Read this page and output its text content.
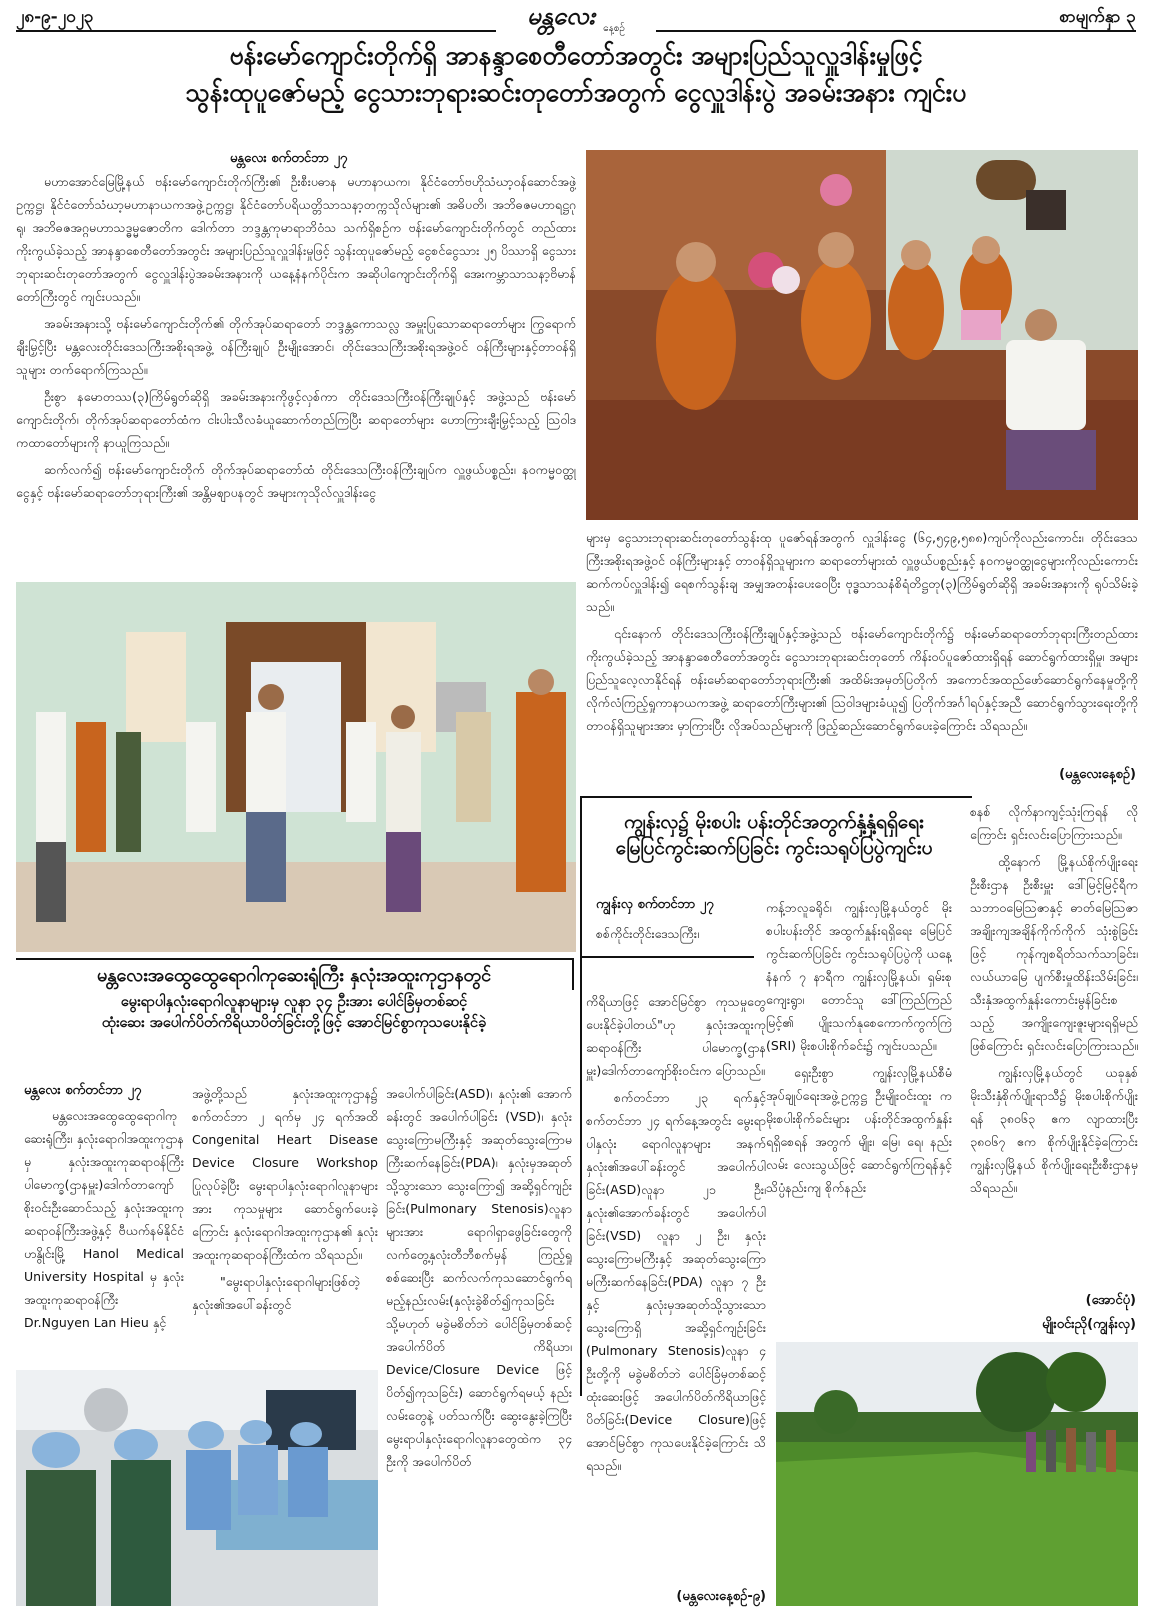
၂၈-၉-၂၀၂၃	မန္တလေး နေ့စဉ်
စာမျက်နှာ ၃
ဗန်းမော်ကျောင်းတိုက်ရှိ အာနန္ဒာစေတီတော်အတွင်း အများပြည်သူလှူဒါန်းမှုဖြင့်
သွန်းထုပူဇော်မည့် ငွေသားဘုရားဆင်းတုတော်အတွက် ငွေလှူဒါန်းပွဲ အခမ်းအနား ကျင်းပ
မန္တလေး စက်တင်ဘာ ၂၇
မဟာအောင်မြေမြို့နယ် ဗန်းမော်ကျောင်းတိုက်ကြီး၏ ဦးစီးပဓာန မဟာနာယက၊ နိုင်ငံတော်ဗဟိုသံဃာ့ဝန်ဆောင်အဖွဲ့ဥက္ကဋ္ဌ၊ နိုင်ငံတော်သံဃာ့မဟာနာယကအဖွဲ့ဥက္ကဋ္ဌ၊ နိုင်ငံတော်ပရိယတ္တိသာသနာ့တက္ကသိုလ်များ၏ အဓိပတိ၊ အဘိဓဇမဟာရဋ္ဌဂုရု၊ အဘိဓဇအဂ္ဂမဟာသဒ္ဓမ္မဇောတိက ဒေါက်တာ ဘဒ္ဒန္တကုမာရာဘိဝံသ သက်ရှိစဉ်က ဗန်းမော်ကျောင်းတိုက်တွင် တည်ထားကိုးကွယ်ခဲ့သည့် အာနန္ဒာစေတီတော်အတွင်း အများပြည်သူလှူဒါန်းမှုဖြင့် သွန်းထုပူဇော်မည့် ငွေစင်ငွေသား ၂၅ ပိဿာရှိ ငွေသားဘုရားဆင်းတုတော်အတွက် ငွေလှူဒါန်းပွဲအခမ်းအနားကို ယနေ့နံနက်ပိုင်းက အဆိုပါကျောင်းတိုက်ရှိ အေးကမ္ဘာသာသနာ့ဗိမာန်တော်ကြီးတွင် ကျင်းပသည်။
အခမ်းအနားသို့ ဗန်းမော်ကျောင်းတိုက်၏ တိုက်အုပ်ဆရာတော် ဘဒ္ဒန္တကောသလ္လ အမှူးပြုသောဆရာတော်များ ကြွရောက်ချီးမြှင့်ပြီး မန္တလေးတိုင်းဒေသကြီးအစိုးရအဖွဲ့ ဝန်ကြီးချုပ် ဦးမျိုးအောင်၊ တိုင်းဒေသကြီးအစိုးရအဖွဲ့ဝင် ဝန်ကြီးများနှင့်တာဝန်ရှိသူများ တက်ရောက်ကြသည်။
ဦးစွာ နမောတဿ(၃)ကြိမ်ရွတ်ဆိုရှိ အခမ်းအနားကိုဖွင့်လှစ်ကာ တိုင်းဒေသကြီးဝန်ကြီးချုပ်နှင့် အဖွဲ့သည် ဗန်းမော်ကျောင်းတိုက်၊ တိုက်အုပ်ဆရာတော်ထံက ငါးပါးသီလခံယူဆောက်တည်ကြပြီး ဆရာတော်များ ဟောကြားချီးမြှင့်သည့် ဩဝါဒကထာတော်များကို နာယူကြသည်။
ဆက်လက်၍ ဗန်းမော်ကျောင်းတိုက် တိုက်အုပ်ဆရာတော်ထံ တိုင်းဒေသကြီးဝန်ကြီးချုပ်က လှူဖွယ်ပစ္စည်း၊ နဝကမ္မဝတ္ထုငွေနှင့် ဗန်းမော်ဆရာတော်ဘုရားကြီး၏ အန္တိမဈာပနတွင် အများကုသိုလ်လှူဒါန်းငွေ
များမှ ငွေသားဘုရားဆင်းတုတော်သွန်းထု ပူဇော်ရန်အတွက် လှူဒါန်းငွေ (၆၄,၅၄၉,၅၈၈)ကျပ်ကိုလည်းကောင်း၊ တိုင်းဒေသကြီးအစိုးရအဖွဲ့ဝင် ဝန်ကြီးများနှင့် တာဝန်ရှိသူများက ဆရာတော်များထံ လှူဖွယ်ပစ္စည်းနှင့် နဝကမ္မဝတ္ထုငွေများကိုလည်းကောင်း ဆက်ကပ်လှူဒါန်း၍ ရေစက်သွန်းချ အမျှအတန်းပေးဝေပြီး ဗုဒ္ဓသာသနံစိရံတိဋ္ဌတု(၃)ကြိမ်ရွတ်ဆိုရှိ အခမ်းအနားကို ရုပ်သိမ်းခဲ့သည်။
၎င်းနောက် တိုင်းဒေသကြီးဝန်ကြီးချုပ်နှင့်အဖွဲ့သည် ဗန်းမော်ကျောင်းတိုက်၌ ဗန်းမော်ဆရာတော်ဘုရားကြီးတည်ထားကိုးကွယ်ခဲ့သည့် အာနန္ဒာစေတီတော်အတွင်း ငွေသားဘုရားဆင်းတုတော် ကိန်းဝပ်ပူဇော်ထားရှိရန် ဆောင်ရွက်ထားရှိမှု၊ အများပြည်သူလေ့လာနိုင်ရန် ဗန်းမော်ဆရာတော်ဘုရားကြီး၏ အထိမ်းအမှတ်ပြတိုက် အကောင်အထည်ဖော်ဆောင်ရွက်နေမှုတို့ကို လိုက်လံကြည့်ရှုကာနာယကအဖွဲ့ ဆရာတော်ကြီးများ၏ ဩဝါဒများခံယူ၍ ပြတိုက်အင်္ဂါရပ်နှင့်အညီ ဆောင်ရွက်သွားရေးတို့ကို တာဝန်ရှိသူများအား မှာကြားပြီး လိုအပ်သည်များကို ဖြည့်ဆည်းဆောင်ရွက်ပေးခဲ့ကြောင်း သိရသည်။
(မန္တလေးနေ့စဉ်)
ကျွန်းလှ၌ မိုးစပါး ပန်းတိုင်အတွက်နှံ့နှံ့ရရှိရေး
မြေပြင်ကွင်းဆက်ပြခြင်း ကွင်းသရုပ်ပြပွဲကျင်းပ
ကျွန်းလှ စက်တင်ဘာ ၂၇
စစ်ကိုင်းတိုင်းဒေသကြီး၊
ကန့်ဘလူခရိုင်၊ ကျွန်းလှမြို့နယ်တွင် မိုးစပါးပန်းတိုင် အထွက်နှုန်းရရှိရေး မြေပြင်ကွင်းဆက်ပြခြင်း ကွင်းသရုပ်ပြပွဲကို ယနေ့နံနက် ၇ နာရီက ကျွန်းလှမြို့နယ်၊ ရှမ်းစုကျေးရွာ၊ တောင်သူ ဒေါ်ကြည်ကြည်မြင့်၏ ပျိုးသက်နုစေကောက်ကွက်ကြဲ (SRI) မိုးစပါးစိုက်ခင်း၌ ကျင်းပသည်။
ရှေးဦးစွာ ကျွန်းလှမြို့နယ်စီမံအုပ်ချုပ်ရေးအဖွဲ့ဥက္ကဋ္ဌ ဦးမျိုးဝင်းထူး က မိုးစပါးစိုက်ခင်းများ ပန်းတိုင်အထွက်နှုန်းရရှိစေရန် အတွက် မျိုး၊ မြေ၊ ရေ၊ နည်းလမ်း လေးသွယ်ဖြင့် ဆောင်ရွက်ကြရန်နှင့် သိပ္ပံနည်းကျ စိုက်နည်း
စနစ် လိုက်နာကျင့်သုံးကြရန် လိုကြောင်း ရှင်းလင်းပြောကြားသည်။
ထို့နောက် မြို့နယ်စိုက်ပျိုးရေးဦးစီးဌာန ဦးစီးမှူး ဒေါ်မြင့်မြင့်ရီက သဘာဝမြေဩဇာနှင့် ဓာတ်မြေဩဇာ အချိုးကျအချိန်ကိုက်ကိုက် သုံးစွဲခြင်းဖြင့် ကုန်ကျစရိတ်သက်သာခြင်း၊ လယ်ယာမြေ ပျက်စီးမှုထိန်းသိမ်းခြင်း၊ သီးနှံအထွက်နှုန်းကောင်းမွန်ခြင်းစသည့် အကျိုးကျေးဇူးများရရှိမည်ဖြစ်ကြောင်း ရှင်းလင်းပြောကြားသည်။
ကျွန်းလှမြို့နယ်တွင် ယခုနှစ် မိုးသီးနှံစိုက်ပျိုးရာသီ၌ မိုးစပါးစိုက်ပျိုးရန် ၃၈၀၆၃ ဧက လျာထားပြီး ၃၈၀၆၇ ဧက စိုက်ပျိုးနိုင်ခဲ့ကြောင်း ကျွန်းလှမြို့နယ် စိုက်ပျိုးရေးဦးစီးဌာနမှ သိရသည်။
(အောင်ပုံ)
မျိုးဝင်းညို(ကျွန်းလှ)
မန္တလေးအထွေထွေရောဂါကုဆေးရုံကြီး နှလုံးအထူးကုဌာနတွင်
မွေးရာပါနှလုံးရောဂါလူနာများမှ လူနာ ၃၄ ဦးအား ပေါင်ခြံမှတစ်ဆင့်
ထုံးဆေး အပေါက်ပိတ်ကိရိယာပိတ်ခြင်းတို့ဖြင့် အောင်မြင်စွာကုသပေးနိုင်ခဲ့
မန္တလေး စက်တင်ဘာ ၂၇
မန္တလေးအထွေထွေရောဂါကုဆေးရုံကြီး၊ နှလုံးရောဂါအထူးကုဌာနမှ နှလုံးအထူးကုဆရာဝန်ကြီး ပါမောက္ခ(ဌာနမှူး)ဒေါက်တာကျော်စိုးဝင်းဦးဆောင်သည့် နှလုံးအထူးကုဆရာဝန်ကြီးအဖွဲ့နှင့် ဗီယက်နမ်နိုင်ငံ ဟနွိုင်းမြို့ Hanol Medical University Hospital မှ နှလုံးအထူးကုဆရာဝန်ကြီး Dr.Nguyen Lan Hieu နှင့်
အဖွဲ့တို့သည် နှလုံးအထူးကုဌာန၌ စက်တင်ဘာ ၂ ရက်မှ ၂၄ ရက်အထိ Congenital Heart Disease Device Closure Workshop ပြုလုပ်ခဲ့ပြီး မွေးရာပါနှလုံးရောဂါလူနာများအား ကုသမှုများ ဆောင်ရွက်ပေးခဲ့ကြောင်း နှလုံးရောဂါအထူးကုဌာန၏ နှလုံးအထူးကုဆရာဝန်ကြီးထံက သိရသည်။
"မွေးရာပါနှလုံးရောဂါများဖြစ်တဲ့ နှလုံး၏အပေါ်ခန်းတွင်
အပေါက်ပါခြင်း(ASD)၊ နှလုံး၏ အောက်ခန်းတွင် အပေါက်ပါခြင်း (VSD)၊ နှလုံးသွေးကြောမကြီးနှင့် အဆုတ်သွေးကြောမကြီးဆက်နေခြင်း(PDA)၊ နှလုံးမှအဆုတ်သို့သွားသော သွေးကြော၍ အဆို့ရှင်ကျဉ်းခြင်း(Pulmonary Stenosis)လူနာများအား ရောဂါရှာဖွေခြင်းတွေကို လက်တွေ့နှလုံးတီဘီစက်မှန် ကြည့်ရှုစစ်ဆေးပြီး ဆက်လက်ကုသဆောင်ရွက်ရမည့်နည်းလမ်း(နှလုံးခွဲစိတ်၍ကုသခြင်း သို့မဟုတ် မခွဲမစိတ်ဘဲ ပေါင်ခြံမှတစ်ဆင့် အပေါက်ပိတ် ကိရိယာ၊ Device/Closure Device ဖြင့် ပိတ်၍ကုသခြင်း) ဆောင်ရွက်ရမယ့် နည်းလမ်းတွေနဲ့ ပတ်သက်ပြီး ဆွေးနွေးခဲ့ကြပြီး မွေးရာပါနှလုံးရောဂါလူနာတွေထဲက ၃၄ ဦးကို အပေါက်ပိတ်
ကိရိယာဖြင့် အောင်မြင်စွာ ကုသမှုတွေပေးနိုင်ခဲ့ပါတယ်"ဟု နှလုံးအထူးကုဆရာဝန်ကြီး ပါမောက္ခ(ဌာနမှူး)ဒေါက်တာကျော်စိုးဝင်းက ပြောသည်။
စက်တင်ဘာ ၂၃ ရက်နှင့် စက်တင်ဘာ ၂၄ ရက်နေ့အတွင်း မွေးရာပါနှလုံး ရောဂါလူနာများ အနက် နှလုံး၏အပေါ်ခန်းတွင် အပေါက်ပါခြင်း(ASD)လူနာ ၂၁ ဦး၊ နှလုံး၏အောက်ခန်းတွင် အပေါက်ပါခြင်း(VSD) လူနာ ၂ ဦး၊ နှလုံးသွေးကြောမကြီးနှင့် အဆုတ်သွေးကြောမကြီးဆက်နေခြင်း(PDA) လူနာ ၇ ဦးနှင့် နှလုံးမှအဆုတ်သို့သွားသော သွေးကြောရှိ အဆို့ရှင်ကျဉ်းခြင်း (Pulmonary Stenosis)လူနာ ၄ ဦးတို့ကို မခွဲမစိတ်ဘဲ ပေါင်ခြံမှတစ်ဆင့် ထုံးဆေးဖြင့် အပေါက်ပိတ်ကိရိယာဖြင့်ပိတ်ခြင်း(Device Closure)ဖြင့် အောင်မြင်စွာ ကုသပေးနိုင်ခဲ့ကြောင်း သိရသည်။
(မန္တလေးနေ့စဉ်-၉)
